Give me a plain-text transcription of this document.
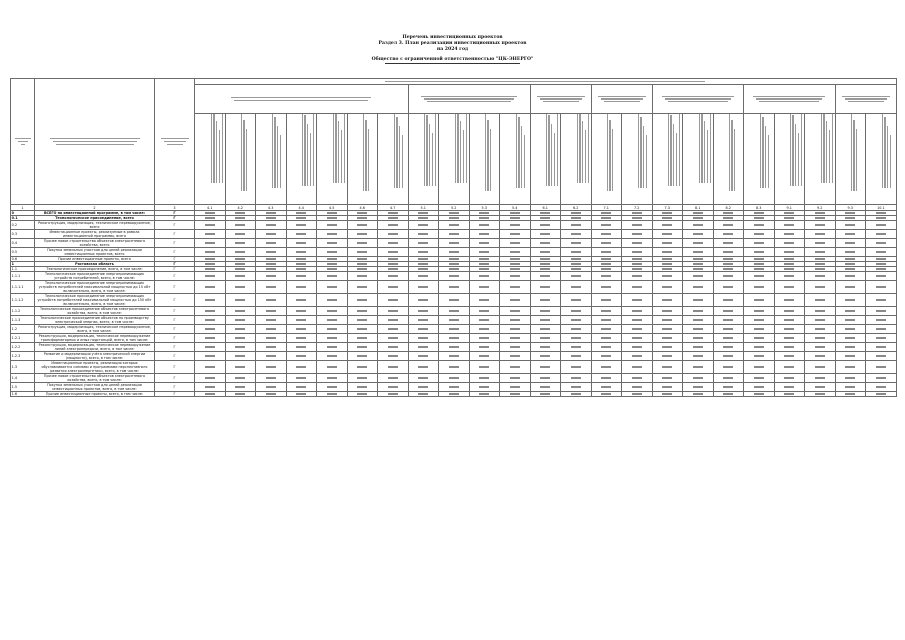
Перечень инвестиционных проектов
Раздел 3. План реализации инвестиционных проектов
на 2024 год
Общество с ограниченной ответственностью "ЦК-ЭНЕРГО"

1	2	3	4.1	4.2	4.3	4.4	4.5	4.6	4.7	5.1	5.2	5.3	5.4	6.1	6.2	7.1	7.2	7.3	8.1	8.2	8.3	9.1	9.2	9.3	10.1
0	ВСЕГО по инвестиционной программе, в том числе:	Г																							
0.1	Технологическое присоединение, всего	Г																							
0.2	Реконструкция, модернизация, техническое перевооружение, всего	Г																							
0.3	Инвестиционные проекты, реализуемые в рамках инвестиционной программы, всего	Г																							
0.4	Прочее новое строительство объектов электросетевого хозяйства, всего	Г																							
0.5	Покупка земельных участков для целей реализации инвестиционных проектов, всего	Г																							
0.6	Прочие инвестиционные проекты, всего	Г																							
1	Ростовская область	Г																							
1.1	Технологическое присоединение, всего, в том числе:	Г																							
1.1.1	Технологическое присоединение энергопринимающих устройств потребителей, всего, в том числе:	Г																							
1.1.1.1	Технологическое присоединение энергопринимающих устройств потребителей максимальной мощностью до 15 кВт включительно, всего, в том числе:	Г																							
1.1.1.2	Технологическое присоединение энергопринимающих устройств потребителей максимальной мощностью до 150 кВт включительно, всего, в том числе:	Г																							
1.1.2	Технологическое присоединение объектов электросетевого хозяйства, всего, в том числе:	Г																							
1.1.3	Технологическое присоединение объектов по производству электрической энергии, всего, в том числе:	Г																							
1.2	Реконструкция, модернизация, техническое перевооружение, всего, в том числе:	Г																							
1.2.1	Реконструкция, модернизация, техническое перевооружение трансформаторных и иных подстанций, всего, в том числе:	Г																							
1.2.2	Реконструкция, модернизация, техническое перевооружение линий электропередачи, всего, в том числе:	Г																							
1.2.3	Развитие и модернизация учёта электрической энергии (мощности), всего, в том числе:	Г																							
1.3	Инвестиционные проекты, реализация которых обуславливается схемами и программами перспективного развития электроэнергетики, всего, в том числе:	Г																							
1.4	Прочее новое строительство объектов электросетевого хозяйства, всего, в том числе:	Г																							
1.5	Покупка земельных участков для целей реализации инвестиционных проектов, всего, в том числе:	Г																							
1.6	Прочие инвестиционные проекты, всего, в том числе:	Г																							
